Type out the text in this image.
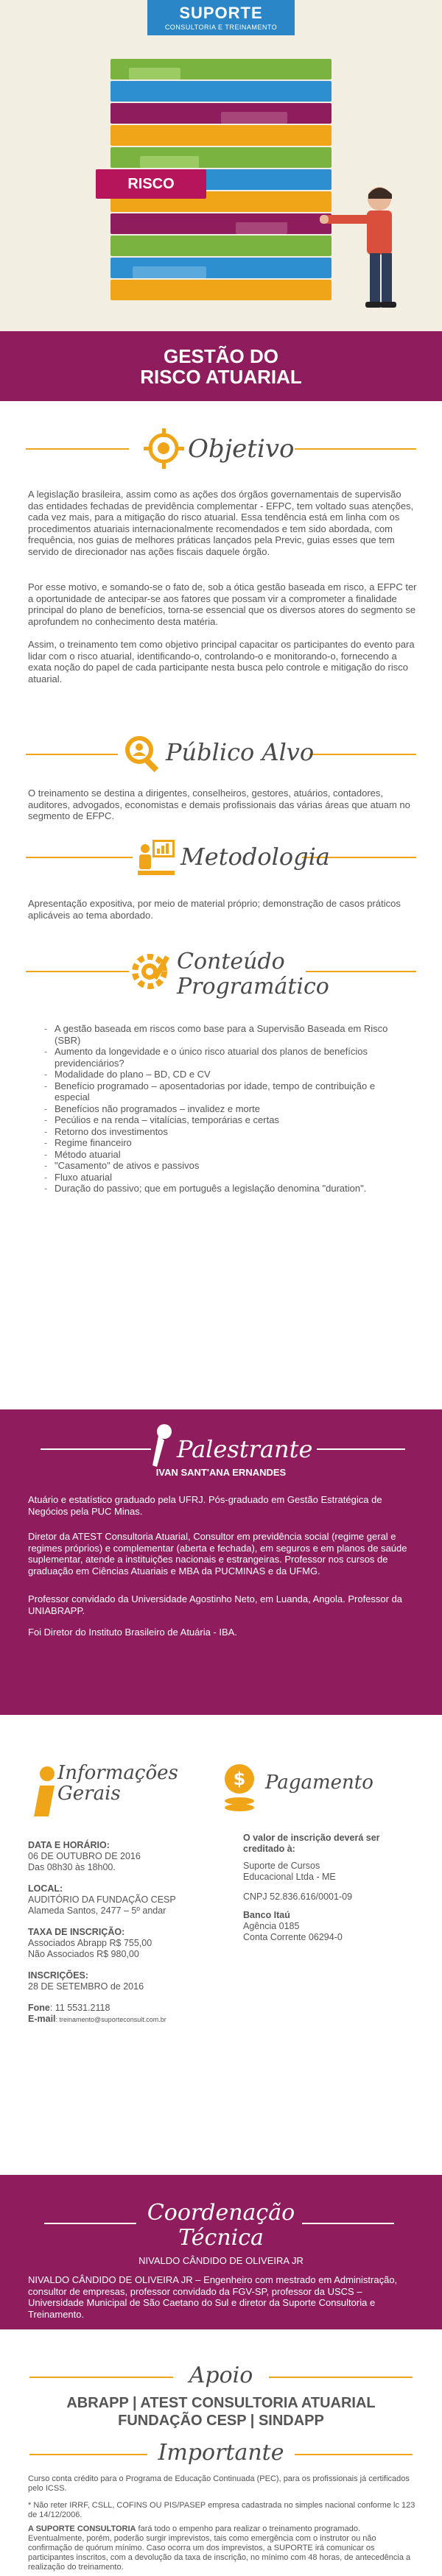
RISCO
SUPORTE
CONSULTORIA E TREINAMENTO
GESTÃO DO RISCO ATUARIAL
Objetivo
A legislação brasileira, assim como as ações dos órgãos governamentais de supervisão das entidades fechadas de previdência complementar - EFPC, tem voltado suas atenções, cada vez mais, para a mitigação do risco atuarial. Essa tendência está em linha com os procedimentos atuariais internacionalmente recomendados e tem sido abordada, com frequência, nos guias de melhores práticas lançados pela Previc, guias esses que tem servido de direcionador nas ações fiscais daquele órgão.
Por esse motivo, e somando-se o fato de, sob a ótica gestão baseada em risco, a EFPC ter a oportunidade de antecipar-se aos fatores que possam vir a comprometer a finalidade principal do plano de benefícios, torna-se essencial que os diversos atores do segmento se aprofundem no conhecimento desta matéria.
Assim, o treinamento tem como objetivo principal capacitar os participantes do evento para lidar com o risco atuarial, identificando-o, controlando-o e monitorando-o, fornecendo a exata noção do papel de cada participante nesta busca pelo controle e mitigação do risco atuarial.
Público Alvo
O treinamento se destina a dirigentes, conselheiros, gestores, atuários, contadores, auditores, advogados, economistas e demais profissionais das várias áreas que atuam no segmento de EFPC.
Metodologia
Apresentação expositiva, por meio de material próprio; demonstração de casos práticos aplicáveis ao tema abordado.
Conteúdo
Programático
- A gestão baseada em riscos como base para a Supervisão Baseada em Risco (SBR)
- Aumento da longevidade e o único risco atuarial dos planos de benefícios previdenciários?
- Modalidade do plano – BD, CD e CV
- Benefício programado – aposentadorias por idade, tempo de contribuição e especial
- Benefícios não programados – invalidez e morte
- Pecúlios e na renda – vitalícias, temporárias e certas
- Retorno dos investimentos
- Regime financeiro
- Método atuarial
- "Casamento" de ativos e passivos
- Fluxo atuarial
- Duração do passivo; que em português a legislação denomina "duration".
Palestrante
IVAN SANT'ANA ERNANDES
Atuário e estatístico graduado pela UFRJ. Pós-graduado em Gestão Estratégica de Negócios pela PUC Minas.
Diretor da ATEST Consultoria Atuarial, Consultor em previdência social (regime geral e regimes próprios) e complementar (aberta e fechada), em seguros e em planos de saúde suplementar, atende a instituições nacionais e estrangeiras. Professor nos cursos de graduação em Ciências Atuariais e MBA da PUCMINAS e da UFMG.
Professor convidado da Universidade Agostinho Neto, em Luanda, Angola. Professor da UNIABRAPP.
Foi Diretor do Instituto Brasileiro de Atuária - IBA.
Informações
Gerais
DATA E HORÁRIO:
06 DE OUTUBRO DE 2016
Das 08h30 às 18h00.
LOCAL:
AUDITÓRIO DA FUNDAÇÃO CESP
Alameda Santos, 2477 – 5º andar
TAXA DE INSCRIÇÃO:
Associados Abrapp R$ 755,00
Não Associados R$ 980,00
INSCRIÇÕES:
28 DE SETEMBRO de 2016
Fone: 11 5531.2118
E-mail: treinamento@suporteconsult.com.br
$ Pagamento
O valor de inscrição deverá ser creditado à:
Suporte de Cursos
Educacional Ltda - ME
CNPJ 52.836.616/0001-09
Banco Itaú
Agência 0185
Conta Corrente 06294-0
Coordenação
Técnica
NIVALDO CÂNDIDO DE OLIVEIRA JR
NIVALDO CÂNDIDO DE OLIVEIRA JR – Engenheiro com mestrado em Administração, consultor de empresas, professor convidado da FGV-SP, professor da USCS – Universidade Municipal de São Caetano do Sul e diretor da Suporte Consultoria e Treinamento.
Apoio
ABRAPP | ATEST CONSULTORIA ATUARIAL
FUNDAÇÃO CESP | SINDAPP
Importante
Curso conta crédito para o Programa de Educação Continuada (PEC), para os profissionais já certificados pelo ICSS.
* Não reter IRRF, CSLL, COFINS OU PIS/PASEP empresa cadastrada no simples nacional conforme lc 123 de 14/12/2006.
A SUPORTE CONSULTORIA fará todo o empenho para realizar o treinamento programado. Eventualmente, porém, poderão surgir imprevistos, tais como emergência com o instrutor ou não confirmação de quórum mínimo. Caso ocorra um dos imprevistos, a SUPORTE irá comunicar os participantes inscritos, com a devolução da taxa de inscrição, no mínimo com 48 horas, de antecedência a realização do treinamento.
